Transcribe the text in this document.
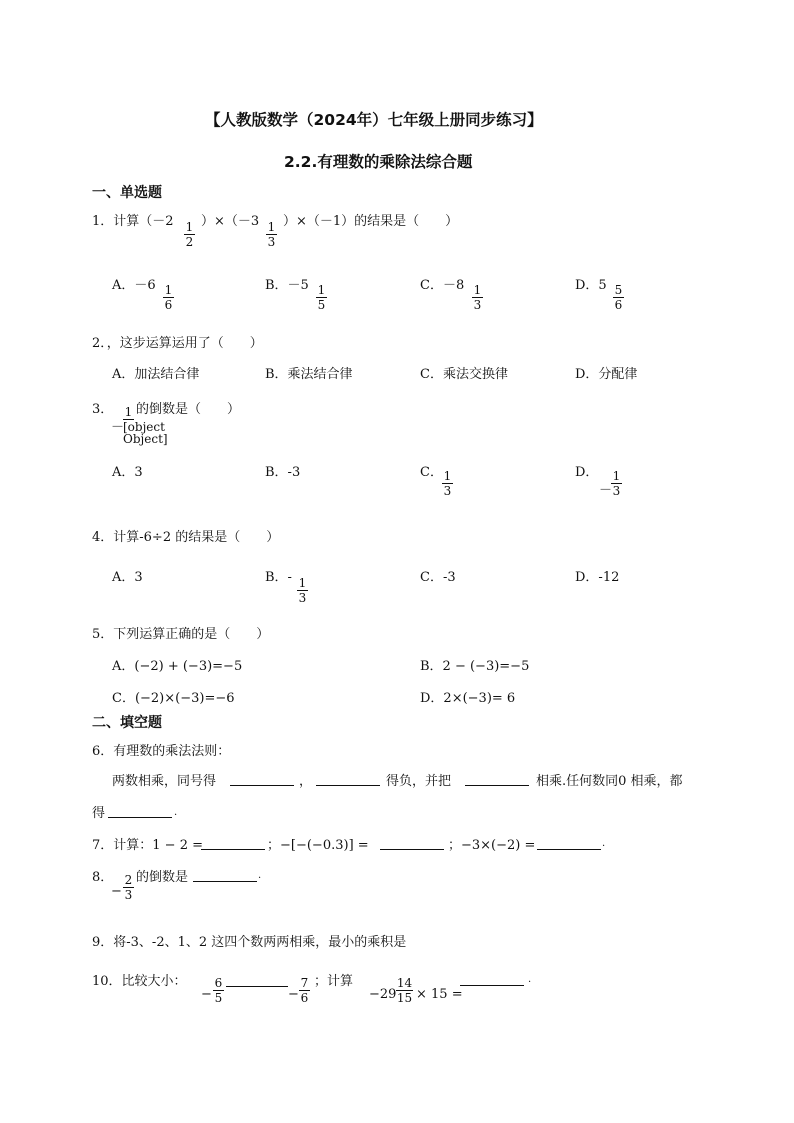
【人教版数学（2024年）七年级上册同步练习】
2.2.有理数的乘除法综合题
一、单选题
1．计算（－2 1
2
）×（－3 1
3
）×（－1）的结果是（　　）
A．－6 1
6
B．－5 1
5
C．－8 1
3
D．5 5
6
2．，这步运算运用了（　　）
A．加法结合律	B．乘法结合律	C．乘法交换律	D．分配律
3．
－
1
[object Object]
的倒数是（　　）
A．3	B．-3	C． 1
3
D．
－
1
3
4．计算-6÷2 的结果是（　　）
A．3	B．- 1
3
C．-3	D．-12
5．下列运算正确的是（　　）
A．(−2) + (−3)=−5	B．2 − (−3)=−5
C．(−2)×(−3)=−6	D．2×(−3)= 6
二、填空题
6．有理数的乘法法则：
两数相乘，同号得	，	得负，并把	相乘.任何数同0 相乘，都
得	.
7．计算：1 − 2 =	；−[−(−0.3)] =	；−3×(−2) =	.
8．
−
2
3
的倒数是	.
9．将-3、-2、1、2 这四个数两两相乘，最小的乘积是
10．比较大小：
−
6
5	−
7
6
；计算
−29
14
15 × 15 =
.
